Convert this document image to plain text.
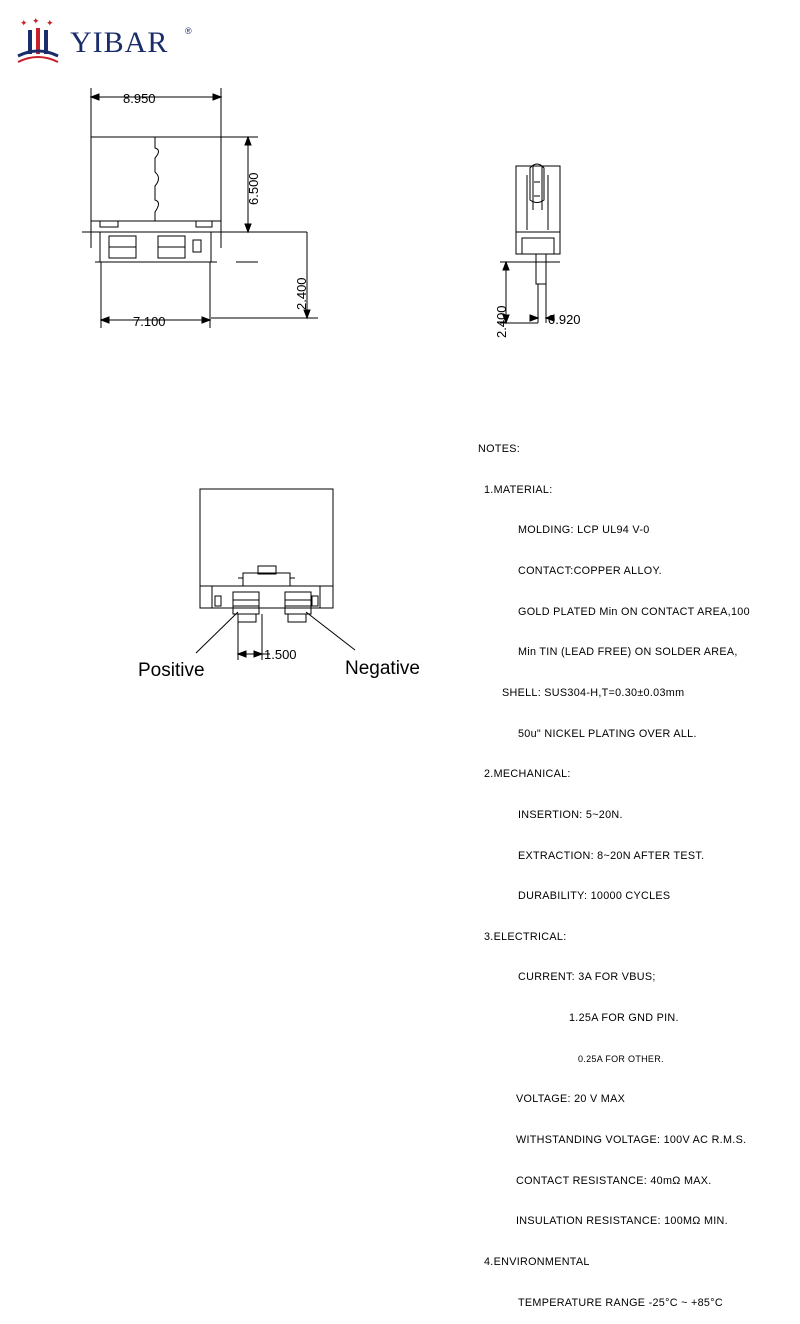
✦ ✦ ✦
YIBAR ®
8.950
6.500
2.400
7.100	2.400	0.920
1.500
Positive	Negative

NOTES:

1.MATERIAL:

MOLDING: LCP UL94 V-0

CONTACT:COPPER ALLOY.

GOLD PLATED Min ON CONTACT AREA,100

Min TIN (LEAD FREE) ON SOLDER AREA,

SHELL: SUS304-H,T=0.30±0.03mm

50u" NICKEL PLATING OVER ALL.

2.MECHANICAL:

INSERTION: 5~20N.

EXTRACTION: 8~20N AFTER TEST.

DURABILITY: 10000 CYCLES

3.ELECTRICAL:

CURRENT: 3A FOR VBUS;

1.25A FOR GND PIN.

0.25A FOR OTHER.

VOLTAGE: 20 V MAX

WITHSTANDING VOLTAGE: 100V AC R.M.S.

CONTACT RESISTANCE: 40mΩ MAX.

INSULATION RESISTANCE: 100MΩ MIN.

4.ENVIRONMENTAL

TEMPERATURE RANGE -25°C ~ +85°C
